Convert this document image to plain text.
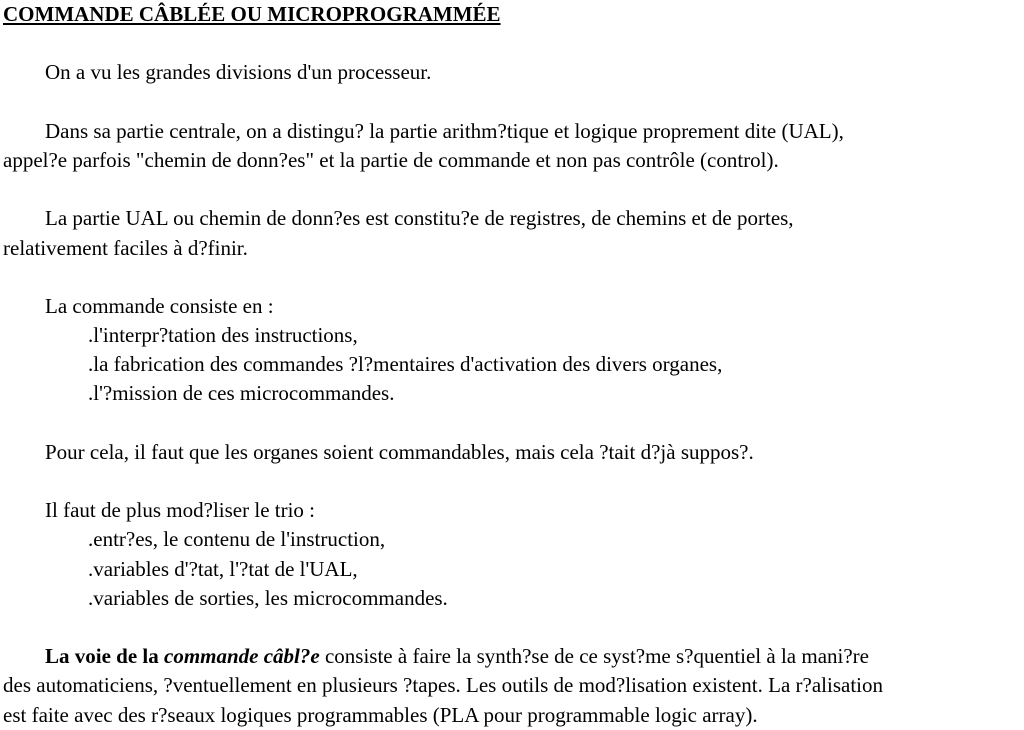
COMMANDE CÂBLÉE OU MICROPROGRAMMÉE
On a vu les grandes divisions d'un processeur.
Dans sa partie centrale, on a distingu? la partie arithm?tique et logique proprement dite (UAL),
appel?e parfois "chemin de donn?es" et la partie de commande et non pas contrôle (control).
La partie UAL ou chemin de donn?es est constitu?e de registres, de chemins et de portes,
relativement faciles à d?finir.
La commande consiste en :
.l'interpr?tation des instructions,
.la fabrication des commandes ?l?mentaires d'activation des divers organes,
.l'?mission de ces microcommandes.
Pour cela, il faut que les organes soient commandables, mais cela ?tait d?jà suppos?.
Il faut de plus mod?liser le trio :
.entr?es, le contenu de l'instruction,
.variables d'?tat, l'?tat de l'UAL,
.variables de sorties, les microcommandes.
La voie de la commande câbl?e consiste à faire la synth?se de ce syst?me s?quentiel à la mani?re
des automaticiens, ?ventuellement en plusieurs ?tapes. Les outils de mod?lisation existent. La r?alisation
est faite avec des r?seaux logiques programmables (PLA pour programmable logic array).
